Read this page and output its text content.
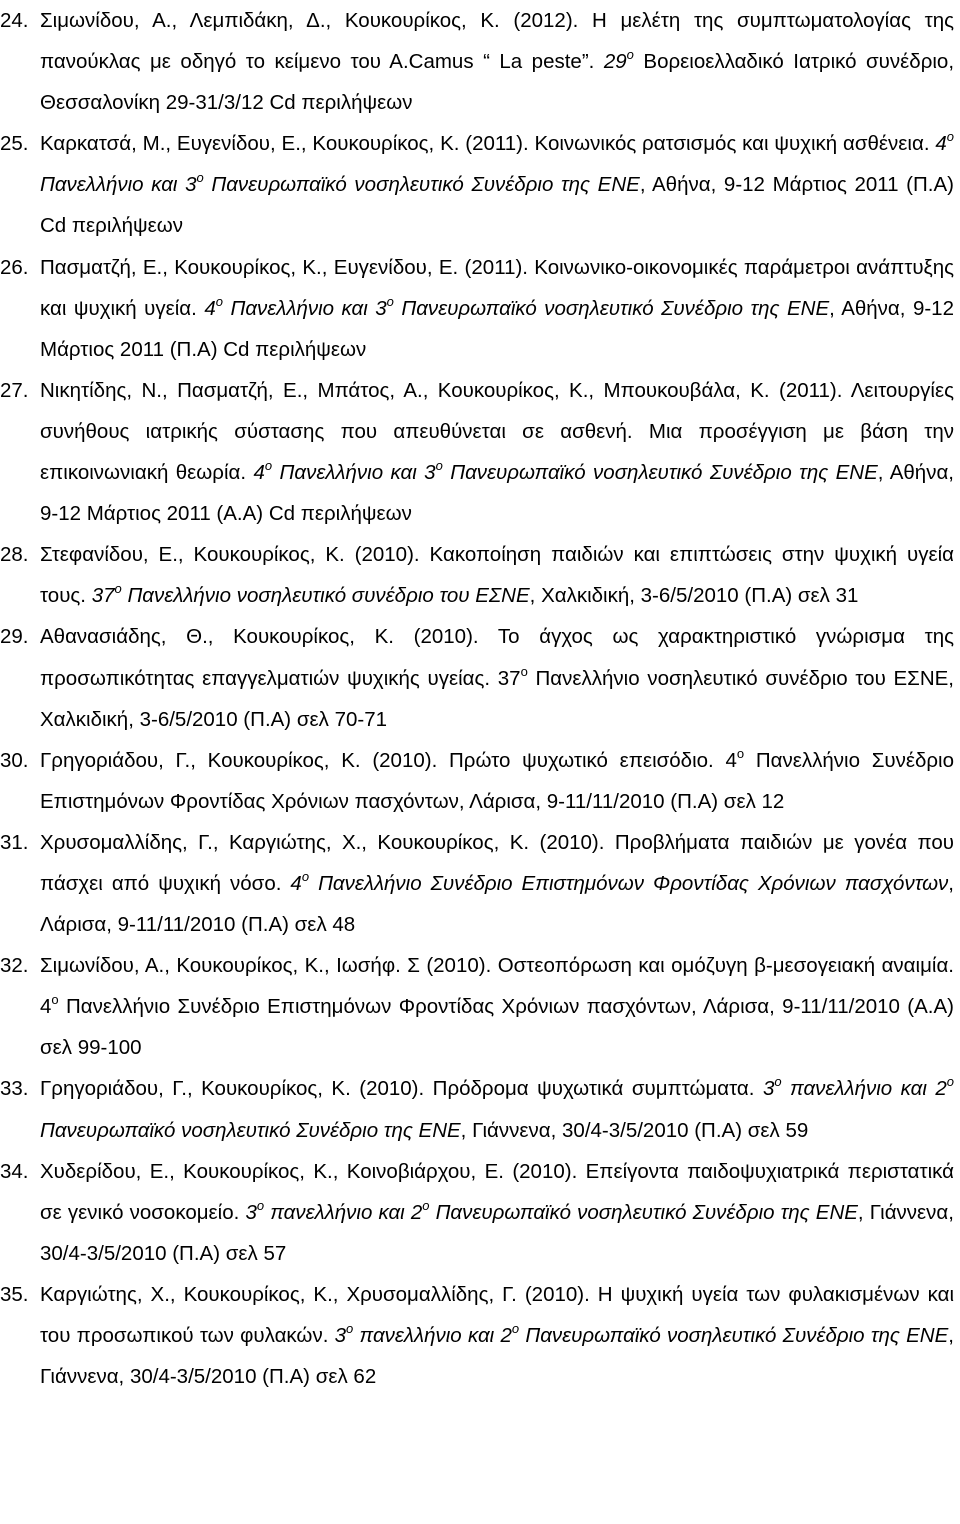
24. Σιμωνίδου, Α., Λεμπιδάκη, Δ., Κουκουρίκος, Κ. (2012). Η μελέτη της συμπτωματολογίας της πανούκλας με οδηγό το κείμενο του Α.Camus “ La peste”. $29^o$ Βορειοελλαδικό Ιατρικό συνέδριο, Θεσσαλονίκη 29-31/3/12 Cd περιλήψεων
25. Καρκατσά, Μ., Ευγενίδου, Ε., Κουκουρίκος, Κ. (2011). Κοινωνικός ρατσισμός και ψυχική ασθένεια. $4^o$ Πανελλήνιο και $3^o$ Πανευρωπαϊκό νοσηλευτικό Συνέδριο της ΕΝΕ, Αθήνα, 9-12 Μάρτιος 2011 (Π.Α) Cd περιλήψεων
26. Πασματζή, Ε., Κουκουρίκος, Κ., Ευγενίδου, Ε. (2011). Κοινωνικο-οικονομικές παράμετροι ανάπτυξης και ψυχική υγεία. $4^o$ Πανελλήνιο και $3^o$ Πανευρωπαϊκό νοσηλευτικό Συνέδριο της ΕΝΕ, Αθήνα, 9-12 Μάρτιος 2011 (Π.Α) Cd περιλήψεων
27. Νικητίδης, Ν., Πασματζή, Ε., Μπάτος, Α., Κουκουρίκος, Κ., Μπουκουβάλα, Κ. (2011). Λειτουργίες συνήθους ιατρικής σύστασης που απευθύνεται σε ασθενή. Μια προσέγγιση με βάση την επικοινωνιακή θεωρία. $4^o$ Πανελλήνιο και $3^o$ Πανευρωπαϊκό νοσηλευτικό Συνέδριο της ΕΝΕ, Αθήνα, 9-12 Μάρτιος 2011 (Α.Α) Cd περιλήψεων
28. Στεφανίδου, Ε., Κουκουρίκος, Κ. (2010). Κακοποίηση παιδιών και επιπτώσεις στην ψυχική υγεία τους. $37^o$ Πανελλήνιο νοσηλευτικό συνέδριο του ΕΣΝΕ, Χαλκιδική, 3-6/5/2010 (Π.Α) σελ 31
29. Αθανασιάδης, Θ., Κουκουρίκος, Κ. (2010). Το άγχος ως χαρακτηριστικό γνώρισμα της προσωπικότητας επαγγελματιών ψυχικής υγείας. $37^o$ Πανελλήνιο νοσηλευτικό συνέδριο του ΕΣΝΕ, Χαλκιδική, 3-6/5/2010 (Π.Α) σελ 70-71
30. Γρηγοριάδου, Γ., Κουκουρίκος, Κ. (2010). Πρώτο ψυχωτικό επεισόδιο. $4^o$ Πανελλήνιο Συνέδριο Επιστημόνων Φροντίδας Χρόνιων πασχόντων, Λάρισα, 9-11/11/2010 (Π.Α) σελ 12
31. Χρυσομαλλίδης, Γ., Καργιώτης, Χ., Κουκουρίκος, Κ. (2010). Προβλήματα παιδιών με γονέα που πάσχει από ψυχική νόσο. $4^o$ Πανελλήνιο Συνέδριο Επιστημόνων Φροντίδας Χρόνιων πασχόντων, Λάρισα, 9-11/11/2010 (Π.Α) σελ 48
32. Σιμωνίδου, Α., Κουκουρίκος, Κ., Ιωσήφ. Σ (2010). Οστεοπόρωση και ομόζυγη β-μεσογειακή αναιμία. $4^o$ Πανελλήνιο Συνέδριο Επιστημόνων Φροντίδας Χρόνιων πασχόντων, Λάρισα, 9-11/11/2010 (Α.Α) σελ 99-100
33. Γρηγοριάδου, Γ., Κουκουρίκος, Κ. (2010). Πρόδρομα ψυχωτικά συμπτώματα. $3^o$ πανελλήνιο και $2^o$ Πανευρωπαϊκό νοσηλευτικό Συνέδριο της ΕΝΕ, Γιάννενα, 30/4-3/5/2010 (Π.Α) σελ 59
34. Χυδερίδου, Ε., Κουκουρίκος, Κ., Κοινοβιάρχου, Ε. (2010). Επείγοντα παιδοψυχιατρικά περιστατικά σε γενικό νοσοκομείο. $3^o$ πανελλήνιο και $2^o$ Πανευρωπαϊκό νοσηλευτικό Συνέδριο της ΕΝΕ, Γιάννενα, 30/4-3/5/2010 (Π.Α) σελ 57
35. Καργιώτης, Χ., Κουκουρίκος, Κ., Χρυσομαλλίδης, Γ. (2010). Η ψυχική υγεία των φυλακισμένων και του προσωπικού των φυλακών. $3^o$ πανελλήνιο και $2^o$ Πανευρωπαϊκό νοσηλευτικό Συνέδριο της ΕΝΕ, Γιάννενα, 30/4-3/5/2010 (Π.Α) σελ 62
